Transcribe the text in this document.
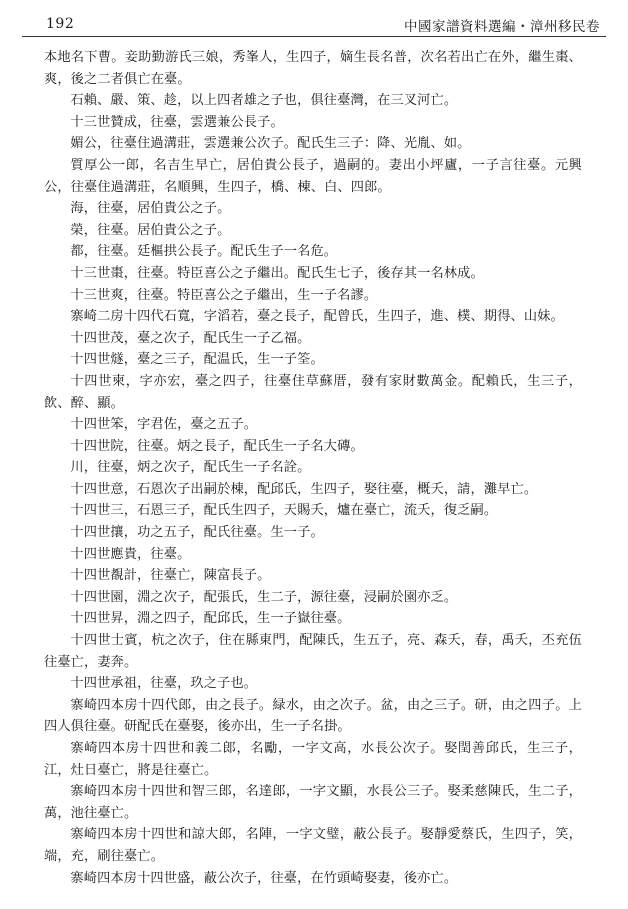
192	中國家譜資料選編・漳州移民卷

本地名下曹。妾助勤游氏三娘，秀峯人，生四子，嫡生長名普，次名若出亡在外，繼生棗、爽，後之二者俱亡在臺。

石賴、嚴、策、趁，以上四者雄之子也，俱往臺灣，在三叉河亡。

十三世贊成，往臺，雲選兼公長子。

媚公，往臺住過溝莊，雲選兼公次子。配氏生三子：降、光胤、如。

質厚公一郎，名吉生早亡，居伯貴公長子，過嗣的。妻出小坪廬，一子言往臺。元興公，往臺住過溝莊，名順興，生四子，橋、棟、白、四郎。

海，往臺，居伯貴公之子。

榮，往臺。居伯貴公之子。

都，往臺。廷樞拱公長子。配氏生子一名危。

十三世棗，往臺。特臣喜公之子繼出。配氏生七子，後存其一名林成。

十三世爽，往臺。特臣喜公之子繼出，生一子名謬。

寨崎二房十四代石寬，字滔若，臺之長子，配曾氏，生四子，進、樸、期得、山妹。

十四世茂，臺之次子，配氏生一子乙福。

十四世燧，臺之三子，配温氏，生一子筌。

十四世柬，字亦宏，臺之四子，往臺住草蘇厝，發有家財數萬金。配賴氏，生三子，飲、醉、顯。

十四世笨，字君佐，臺之五子。

十四世院，往臺。炳之長子，配氏生一子名大磚。

川，往臺，炳之次子，配氏生一子名詮。

十四世意，石恩次子出嗣於棟，配邱氏，生四子，娶往臺，概夭，請，灘早亡。

十四世三，石恩三子，配氏生四子，天賜夭，爐在臺亡，流夭，復乏嗣。

十四世攘，功之五子，配氏往臺。生一子。

十四世應貴，往臺。

十四世覩計，往臺亡，陳富長子。

十四世園，淵之次子，配張氏，生二子，源往臺，浸嗣於園亦乏。

十四世昇，淵之四子，配邱氏，生一子嶽往臺。

十四世士賓，杭之次子，住在縣東門，配陳氏，生五子，亮、森夭，春，禹夭，丕充伍往臺亡，妻奔。

十四世承祖，往臺，玖之子也。

寨崎四本房十四代郎，由之長子。緑水，由之次子。盆，由之三子。研，由之四子。上四人俱往臺。研配氏在臺娶，後亦出，生一子名掛。

寨崎四本房十四世和義二郎，名勵，一字文高，水長公次子。娶閏善邱氏，生三子，江，灶日臺亡，將是往臺亡。

寨崎四本房十四世和智三郎，名達郎，一字文顯，水長公三子。娶柔慈陳氏，生二子，萬，池往臺亡。

寨崎四本房十四世和諒大郎，名陣，一字文璧，蔽公長子。娶靜愛蔡氏，生四子，笑，端，充，刷往臺亡。

寨崎四本房十四世盛，蔽公次子，往臺，在竹頭崎娶妻，後亦亡。
